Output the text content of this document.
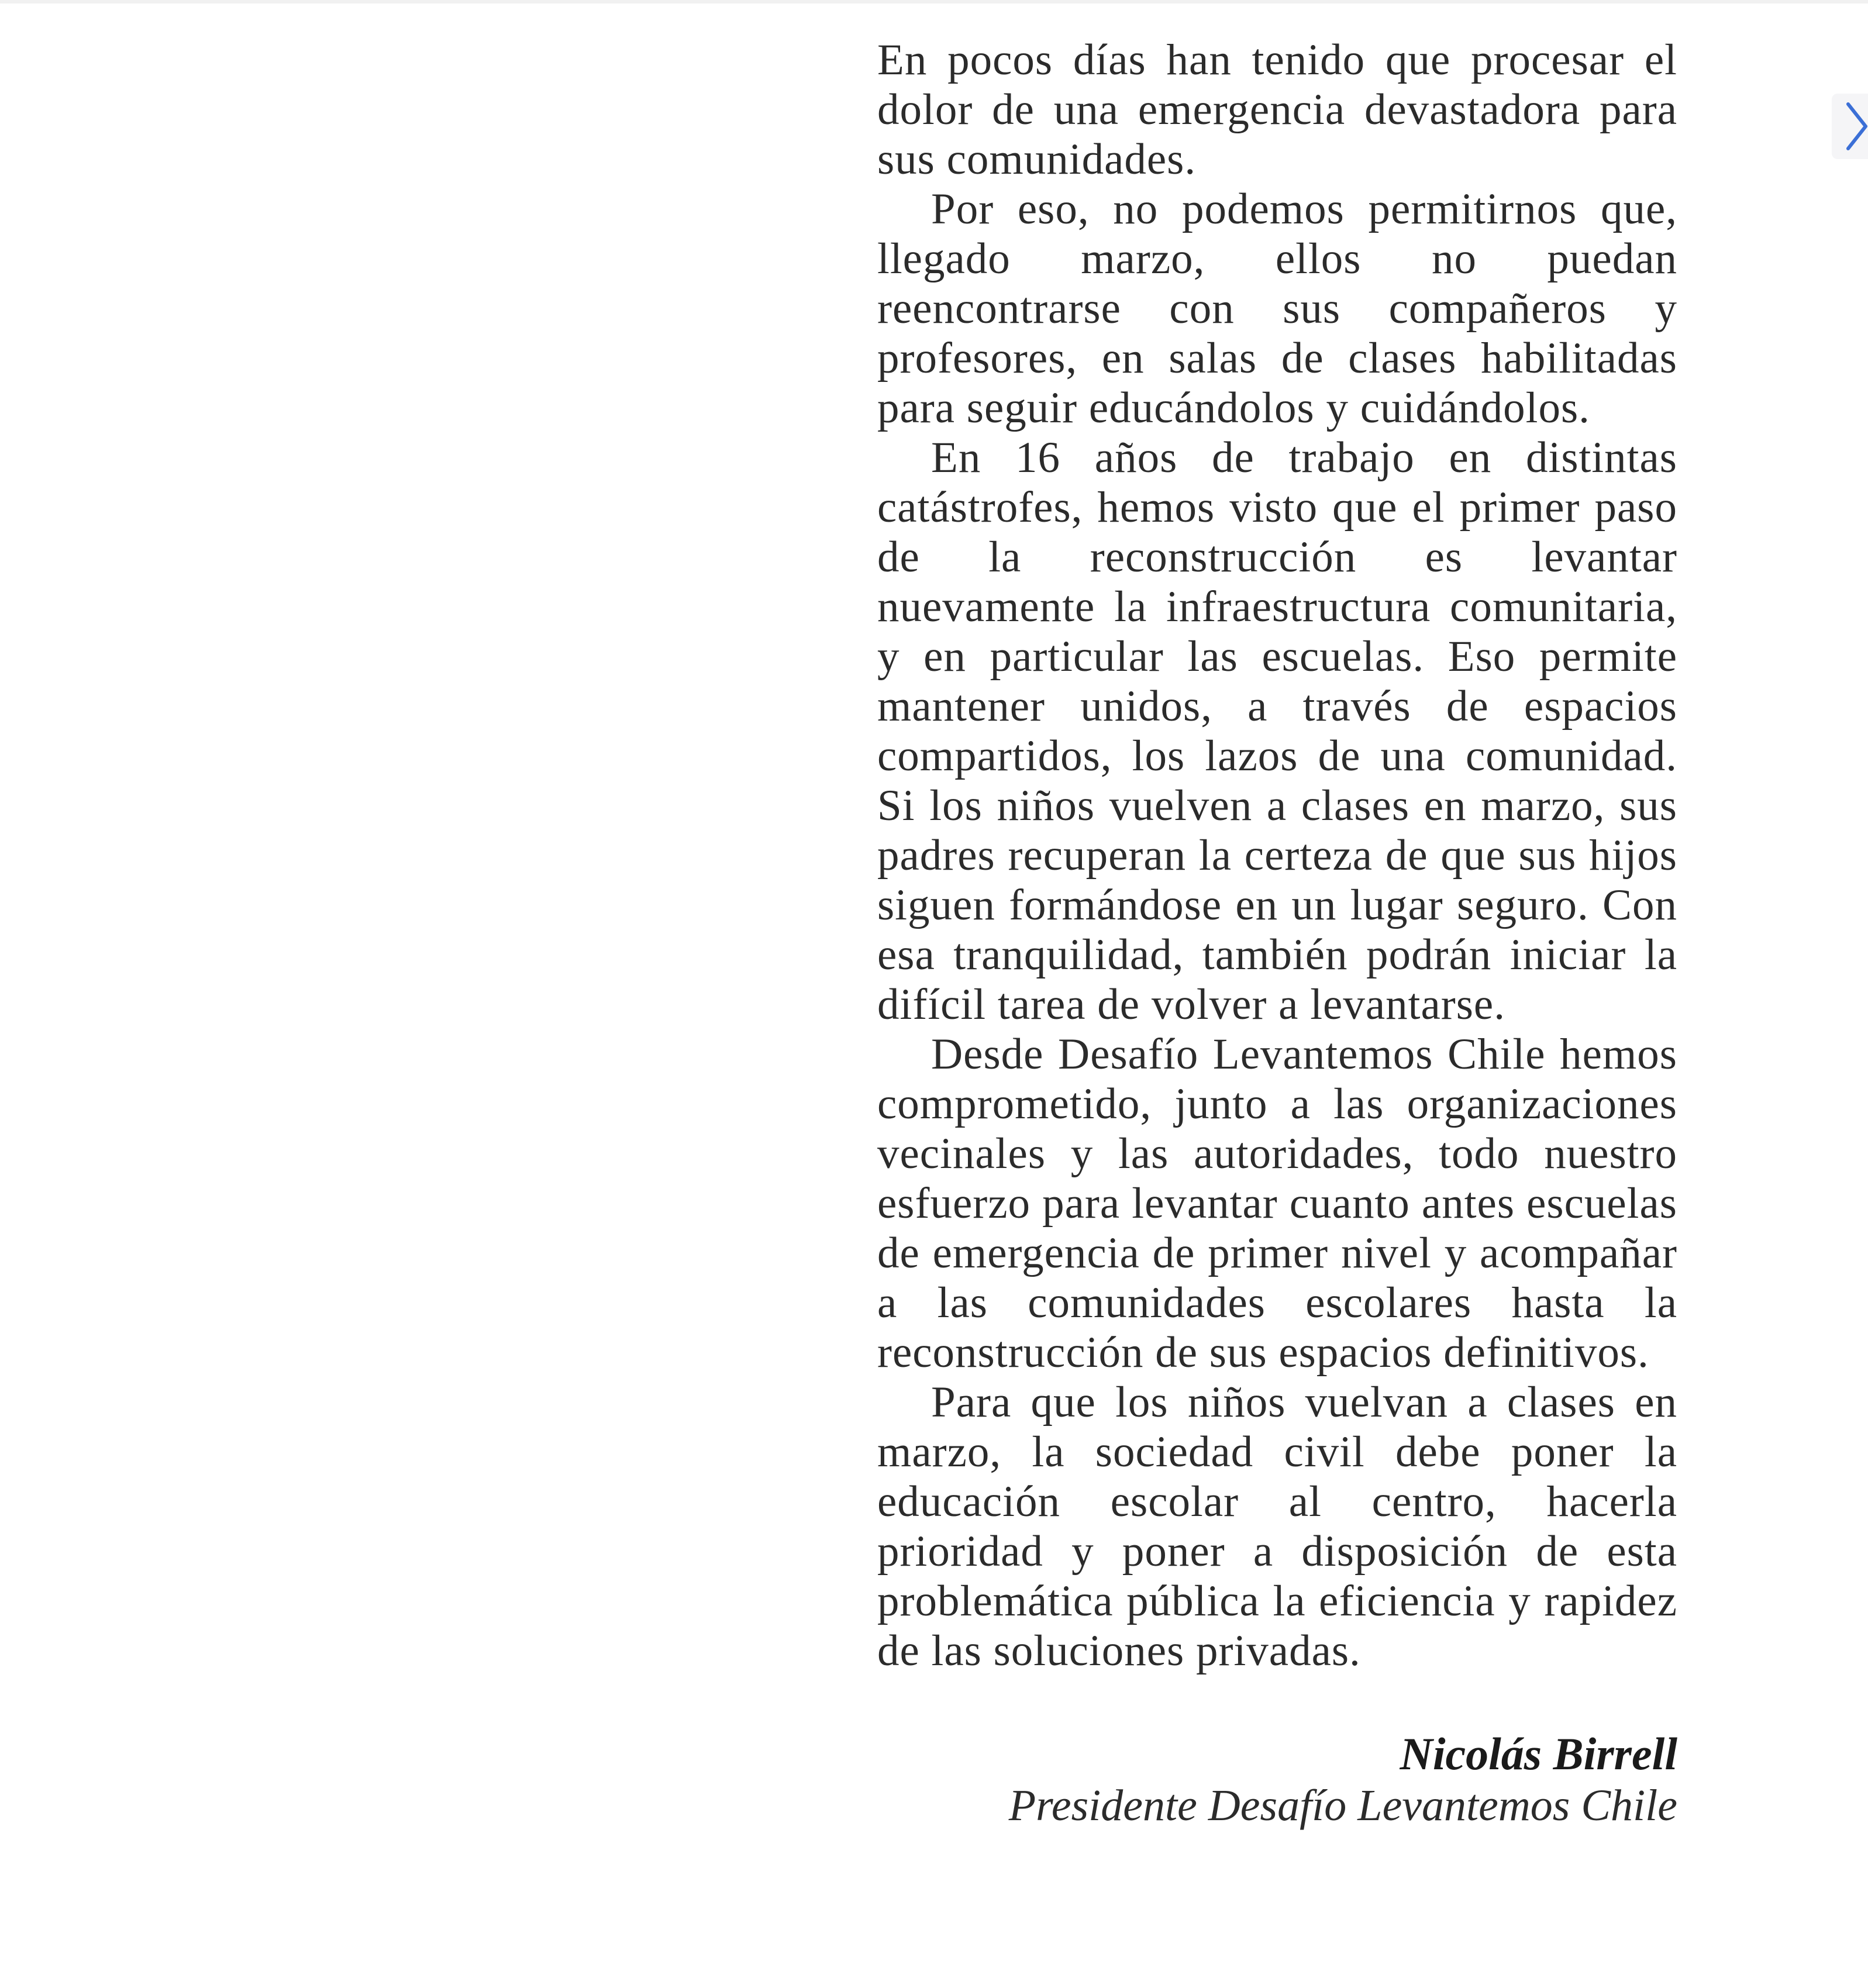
En pocos días han tenido que procesar el dolor de una emergencia devastadora para sus comunidades.

Por eso, no podemos permitirnos que, llegado marzo, ellos no puedan reencontrarse con sus compañeros y profesores, en salas de clases habilitadas para seguir educándolos y cuidándolos.

En 16 años de trabajo en distintas catástrofes, hemos visto que el primer paso de la reconstrucción es levantar nuevamente la infraestructura comunitaria, y en particular las escuelas. Eso permite mantener unidos, a través de espacios compartidos, los lazos de una comunidad. Si los niños vuelven a clases en marzo, sus padres recuperan la certeza de que sus hijos siguen formándose en un lugar seguro. Con esa tranquilidad, también podrán iniciar la difícil tarea de volver a levantarse.

Desde Desafío Levantemos Chile hemos comprometido, junto a las organizaciones vecinales y las autoridades, todo nuestro esfuerzo para levantar cuanto antes escuelas de emergencia de primer nivel y acompañar a las comunidades escolares hasta la reconstrucción de sus espacios definitivos.

Para que los niños vuelvan a clases en marzo, la sociedad civil debe poner la educación escolar al centro, hacerla prioridad y poner a disposición de esta problemática pública la eficiencia y rapidez de las soluciones privadas.

Nicolás Birrell
Presidente Desafío Levantemos Chile
